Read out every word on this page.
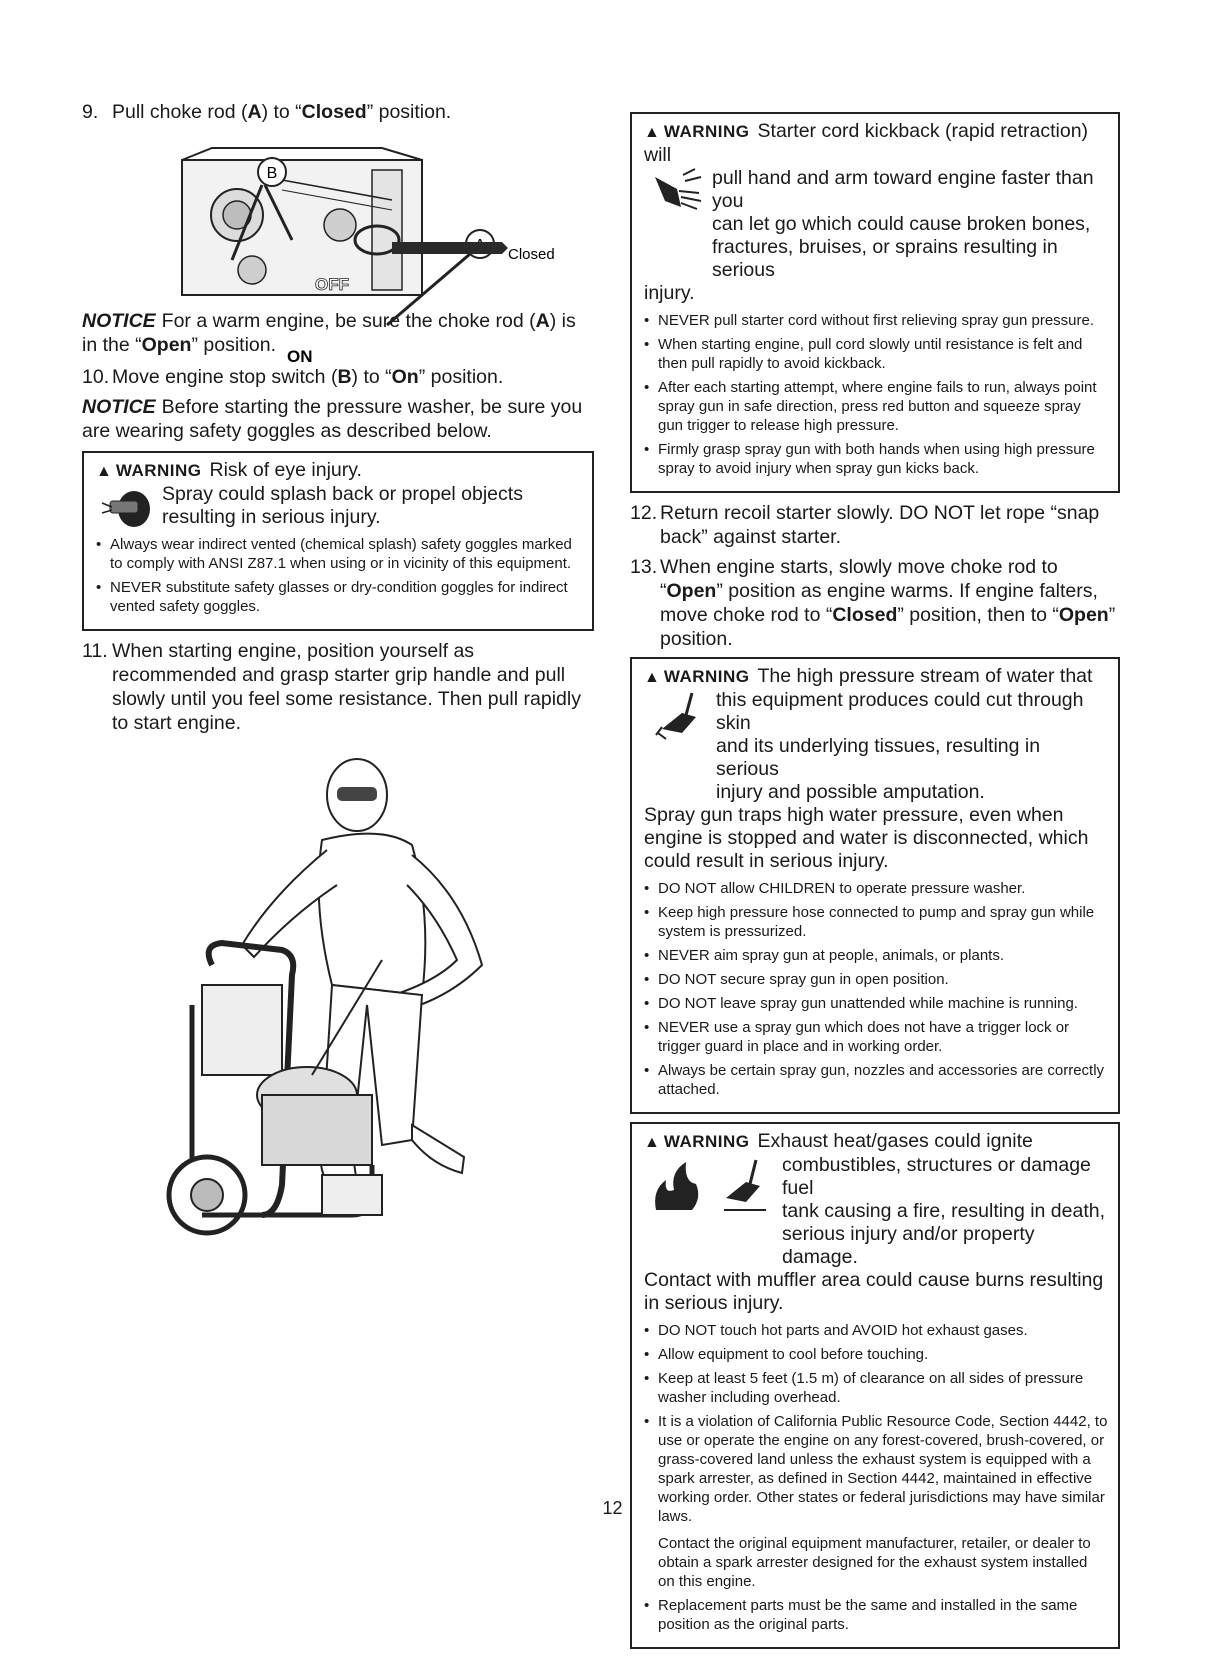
9. Pull choke rod (A) to “Closed” position.
B
OFF
ON
Closed
NOTICE For a warm engine, be sure the choke rod (A) is in the “Open” position.
10. Move engine stop switch (B) to “On” position.
NOTICE Before starting the pressure washer, be sure you are wearing safety goggles as described below.
▲ WARNING Risk of eye injury.
Spray could splash back or propel objects
resulting in serious injury.
• Always wear indirect vented (chemical splash) safety goggles marked to comply with ANSI Z87.1 when using or in vicinity of this equipment.
• NEVER substitute safety glasses or dry-condition goggles for indirect vented safety goggles.
11. When starting engine, position yourself as recommended and grasp starter grip handle and pull slowly until you feel some resistance. Then pull rapidly to start engine.
▲ WARNING Starter cord kickback (rapid retraction) will
pull hand and arm toward engine faster than you
can let go which could cause broken bones,
fractures, bruises, or sprains resulting in serious
injury.
• NEVER pull starter cord without first relieving spray gun pressure.
• When starting engine, pull cord slowly until resistance is felt and then pull rapidly to avoid kickback.
• After each starting attempt, where engine fails to run, always point spray gun in safe direction, press red button and squeeze spray gun trigger to release high pressure.
• Firmly grasp spray gun with both hands when using high pressure spray to avoid injury when spray gun kicks back.
12. Return recoil starter slowly. DO NOT let rope “snap back” against starter.
13. When engine starts, slowly move choke rod to “Open” position as engine warms. If engine falters, move choke rod to “Closed” position, then to “Open” position.
▲ WARNING The high pressure stream of water that
this equipment produces could cut through skin
and its underlying tissues, resulting in serious
injury and possible amputation.
Spray gun traps high water pressure, even when engine is stopped and water is disconnected, which could result in serious injury.
• DO NOT allow CHILDREN to operate pressure washer.
• Keep high pressure hose connected to pump and spray gun while system is pressurized.
• NEVER aim spray gun at people, animals, or plants.
• DO NOT secure spray gun in open position.
• DO NOT leave spray gun unattended while machine is running.
• NEVER use a spray gun which does not have a trigger lock or trigger guard in place and in working order.
• Always be certain spray gun, nozzles and accessories are correctly attached.
▲ WARNING Exhaust heat/gases could ignite
combustibles, structures or damage fuel
tank causing a fire, resulting in death,
serious injury and/or property damage.
Contact with muffler area could cause burns resulting in serious injury.
• DO NOT touch hot parts and AVOID hot exhaust gases.
• Allow equipment to cool before touching.
• Keep at least 5 feet (1.5 m) of clearance on all sides of pressure washer including overhead.
• It is a violation of California Public Resource Code, Section 4442, to use or operate the engine on any forest-covered, brush-covered, or grass-covered land unless the exhaust system is equipped with a spark arrester, as defined in Section 4442, maintained in effective working order. Other states or federal jurisdictions may have similar laws.
Contact the original equipment manufacturer, retailer, or dealer to obtain a spark arrester designed for the exhaust system installed on this engine.
• Replacement parts must be the same and installed in the same position as the original parts.
12
